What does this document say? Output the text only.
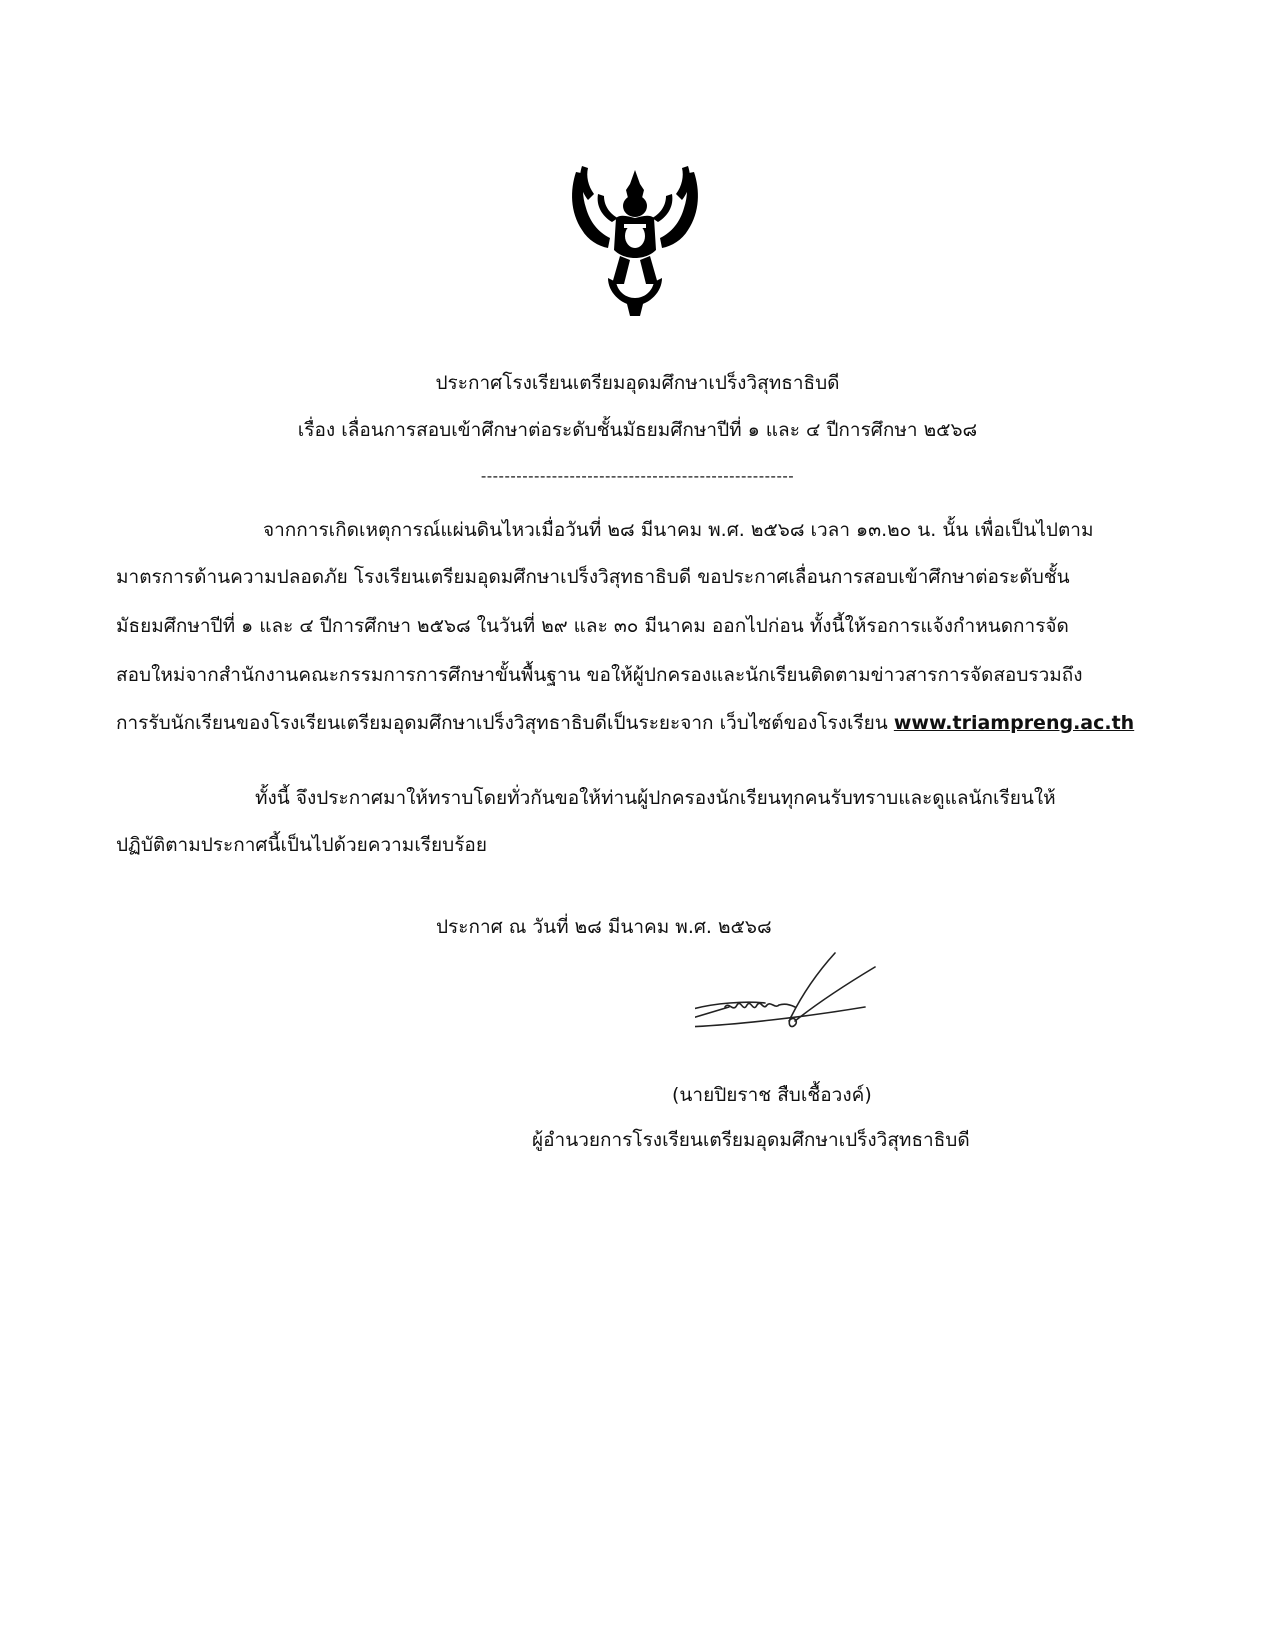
ประกาศโรงเรียนเตรียมอุดมศึกษาเปร็งวิสุทธาธิบดี
เรื่อง เลื่อนการสอบเข้าศึกษาต่อระดับชั้นมัธยมศึกษาปีที่ ๑ และ ๔ ปีการศึกษา ๒๕๖๘
-----------------------------------------------------
จากการเกิดเหตุการณ์แผ่นดินไหวเมื่อวันที่ ๒๘ มีนาคม พ.ศ. ๒๕๖๘ เวลา ๑๓.๒๐ น. นั้น เพื่อเป็นไปตาม
มาตรการด้านความปลอดภัย โรงเรียนเตรียมอุดมศึกษาเปร็งวิสุทธาธิบดี ขอประกาศเลื่อนการสอบเข้าศึกษาต่อระดับชั้น
มัธยมศึกษาปีที่ ๑ และ ๔ ปีการศึกษา ๒๕๖๘ ในวันที่ ๒๙ และ ๓๐ มีนาคม ออกไปก่อน ทั้งนี้ให้รอการแจ้งกำหนดการจัด
สอบใหม่จากสำนักงานคณะกรรมการการศึกษาขั้นพื้นฐาน ขอให้ผู้ปกครองและนักเรียนติดตามข่าวสารการจัดสอบรวมถึง
การรับนักเรียนของโรงเรียนเตรียมอุดมศึกษาเปร็งวิสุทธาธิบดีเป็นระยะจาก เว็บไซต์ของโรงเรียน www.triampreng.ac.th
ทั้งนี้ จึงประกาศมาให้ทราบโดยทั่วกันขอให้ท่านผู้ปกครองนักเรียนทุกคนรับทราบและดูแลนักเรียนให้
ปฏิบัติตามประกาศนี้เป็นไปด้วยความเรียบร้อย
ประกาศ ณ วันที่ ๒๘ มีนาคม พ.ศ. ๒๕๖๘
(นายปิยราช สืบเชื้อวงค์)
ผู้อำนวยการโรงเรียนเตรียมอุดมศึกษาเปร็งวิสุทธาธิบดี
